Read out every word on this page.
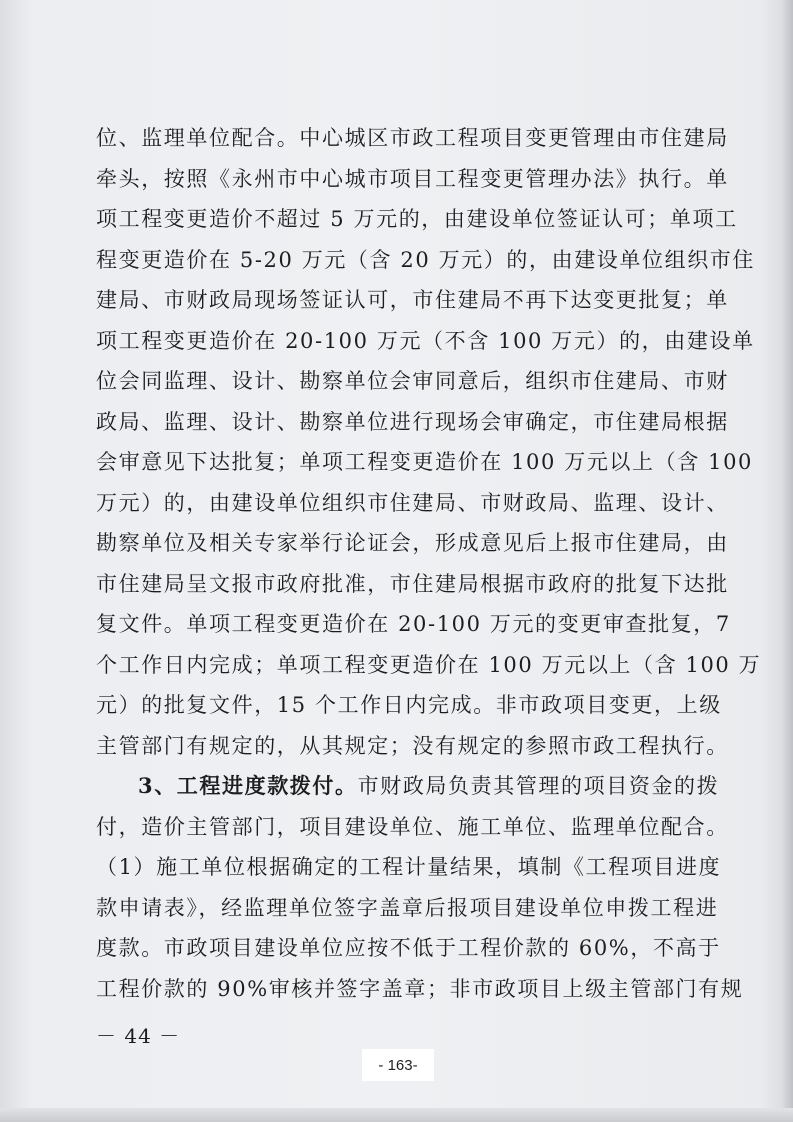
位、监理单位配合。中心城区市政工程项目变更管理由市住建局
牵头，按照《永州市中心城市项目工程变更管理办法》执行。单
项工程变更造价不超过 5 万元的，由建设单位签证认可；单项工
程变更造价在 5-20 万元（含 20 万元）的，由建设单位组织市住
建局、市财政局现场签证认可，市住建局不再下达变更批复；单
项工程变更造价在 20-100 万元（不含 100 万元）的，由建设单
位会同监理、设计、勘察单位会审同意后，组织市住建局、市财
政局、监理、设计、勘察单位进行现场会审确定，市住建局根据
会审意见下达批复；单项工程变更造价在 100 万元以上（含 100
万元）的，由建设单位组织市住建局、市财政局、监理、设计、
勘察单位及相关专家举行论证会，形成意见后上报市住建局，由
市住建局呈文报市政府批准，市住建局根据市政府的批复下达批
复文件。单项工程变更造价在 20-100 万元的变更审查批复，7
个工作日内完成；单项工程变更造价在 100 万元以上（含 100 万
元）的批复文件，15 个工作日内完成。非市政项目变更，上级
主管部门有规定的，从其规定；没有规定的参照市政工程执行。
3、工程进度款拨付。市财政局负责其管理的项目资金的拨
付，造价主管部门，项目建设单位、施工单位、监理单位配合。
（1）施工单位根据确定的工程计量结果，填制《工程项目进度
款申请表》，经监理单位签字盖章后报项目建设单位申拨工程进
度款。市政项目建设单位应按不低于工程价款的 60%，不高于
工程价款的 90%审核并签字盖章；非市政项目上级主管部门有规
－ 44 －
- 163-
